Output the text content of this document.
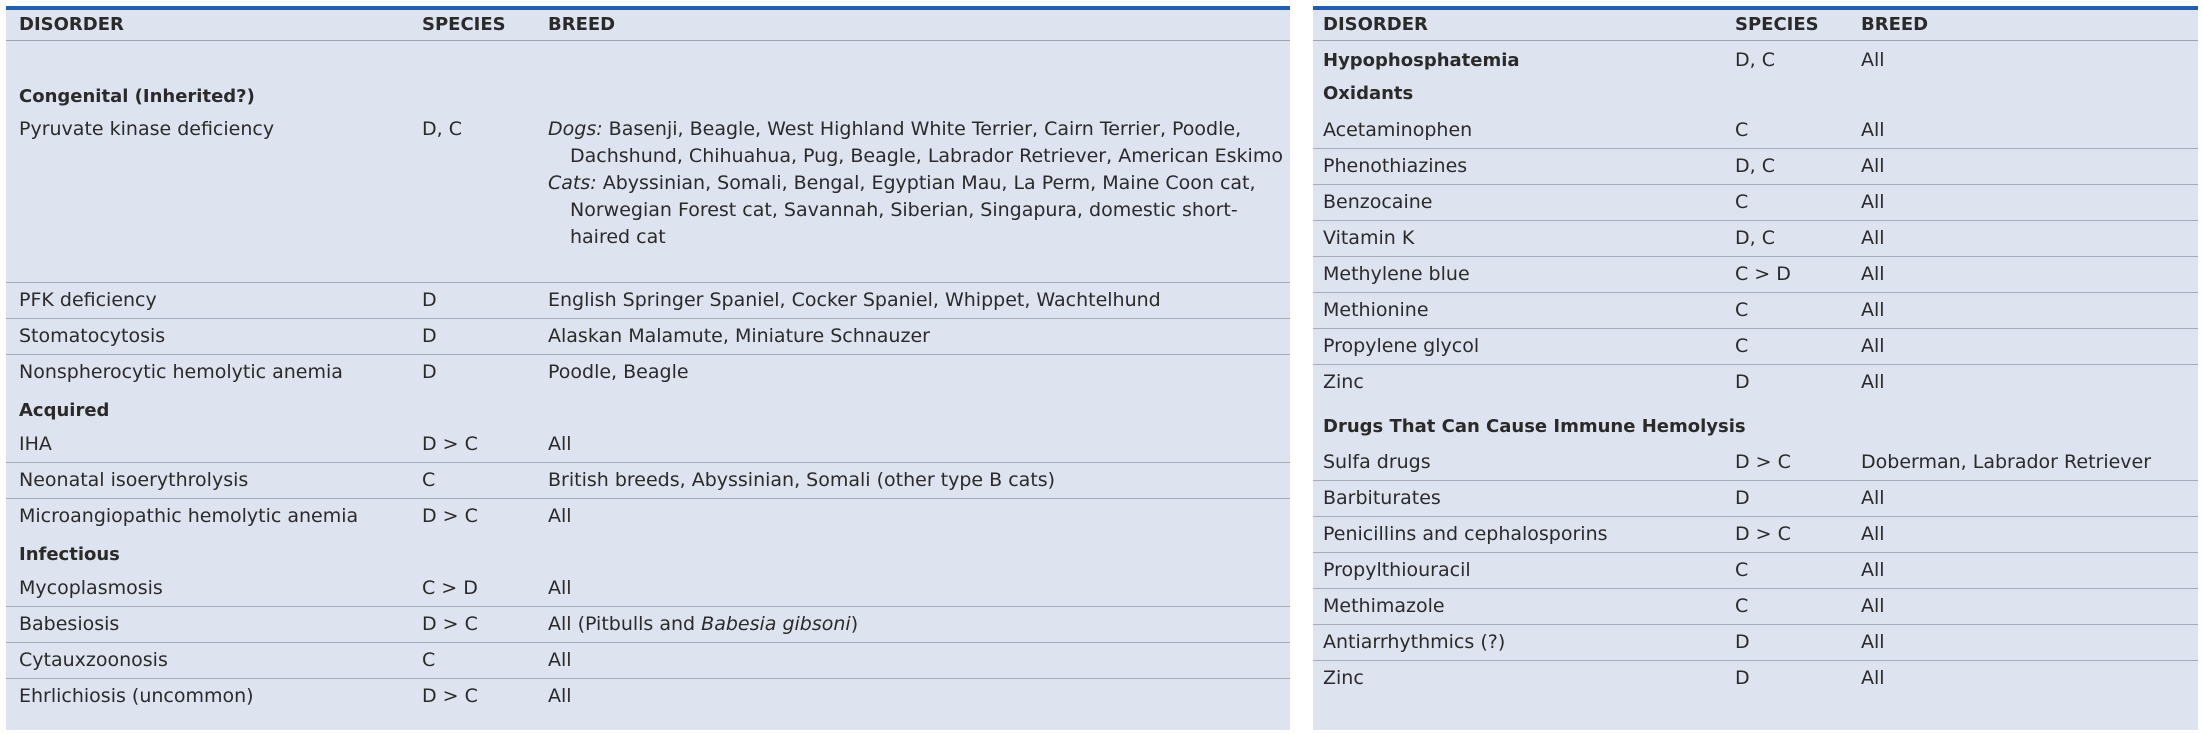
DISORDER	SPECIES BREED
Congenital (Inherited?)
Pyruvate kinase deficiency	D, C	Dogs: Basenji, Beagle, West Highland White Terrier, Cairn Terrier, Poodle, Dachshund, Chihuahua, Pug, Beagle, Labrador Retriever, American Eskimo

Cats: Abyssinian, Somali, Bengal, Egyptian Mau, La Perm, Maine Coon cat, Norwegian Forest cat, Savannah, Siberian, Singapura, domestic short-haired cat

PFK deficiency	D	English Springer Spaniel, Cocker Spaniel, Whippet, Wachtelhund
Stomatocytosis	D	Alaskan Malamute, Miniature Schnauzer
Nonspherocytic hemolytic anemia	D	Poodle, Beagle
Acquired
IHA	D > C	All
Neonatal isoerythrolysis	C	British breeds, Abyssinian, Somali (other type B cats)
Microangiopathic hemolytic anemia	D > C	All
Infectious
Mycoplasmosis	C > D	All
Babesiosis	D > C	All (Pitbulls and Babesia gibsoni)
Cytauxzoonosis	C	All
Ehrlichiosis (uncommon)	D > C	All
DISORDER	SPECIES BREED
Hypophosphatemia	D, C	All
Oxidants
Acetaminophen	C	All
Phenothiazines	D, C	All
Benzocaine	C	All
Vitamin K	D, C	All
Methylene blue	C > D	All
Methionine	C	All
Propylene glycol	C	All
Zinc	D	All
Drugs That Can Cause Immune Hemolysis
Sulfa drugs	D > C	Doberman, Labrador Retriever
Barbiturates	D	All
Penicillins and cephalosporins	D > C	All
Propylthiouracil	C	All
Methimazole	C	All
Antiarrhythmics (?)	D	All
Zinc	D	All
